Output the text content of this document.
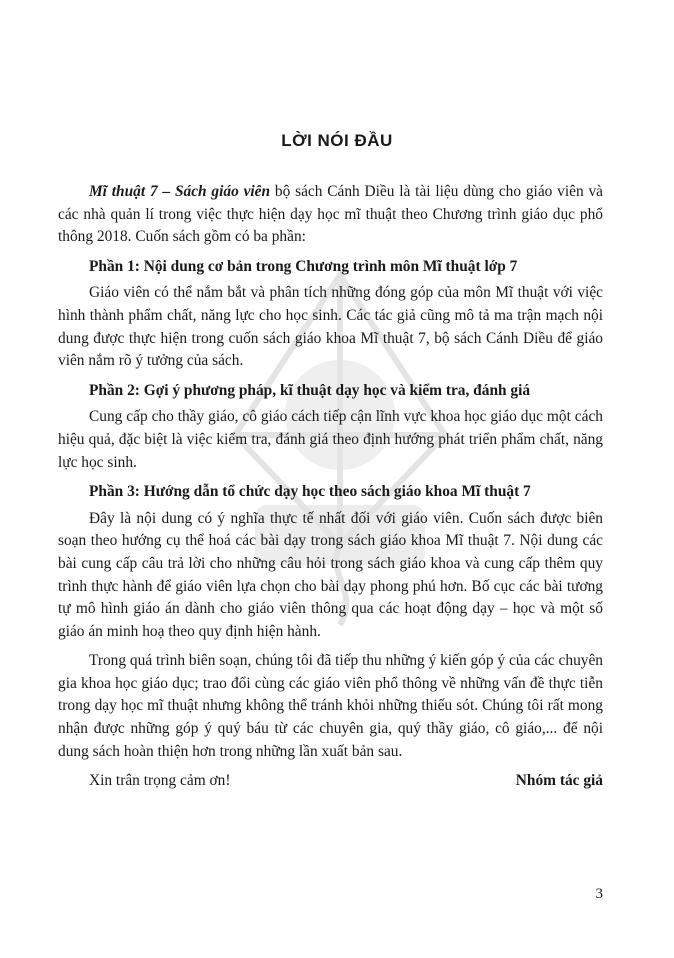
LỜI NÓI ĐẦU

Mĩ thuật 7 – Sách giáo viên bộ sách Cánh Diều là tài liệu dùng cho giáo viên và các nhà quản lí trong việc thực hiện dạy học mĩ thuật theo Chương trình giáo dục phổ thông 2018. Cuốn sách gồm có ba phần:

Phần 1: Nội dung cơ bản trong Chương trình môn Mĩ thuật lớp 7

Giáo viên có thể nắm bắt và phân tích những đóng góp của môn Mĩ thuật với việc hình thành phẩm chất, năng lực cho học sinh. Các tác giả cũng mô tả ma trận mạch nội dung được thực hiện trong cuốn sách giáo khoa Mĩ thuật 7, bộ sách Cánh Diều để giáo viên nắm rõ ý tưởng của sách.

Phần 2: Gợi ý phương pháp, kĩ thuật dạy học và kiểm tra, đánh giá

Cung cấp cho thầy giáo, cô giáo cách tiếp cận lĩnh vực khoa học giáo dục một cách hiệu quả, đặc biệt là việc kiểm tra, đánh giá theo định hướng phát triển phẩm chất, năng lực học sinh.

Phần 3: Hướng dẫn tổ chức dạy học theo sách giáo khoa Mĩ thuật 7

Đây là nội dung có ý nghĩa thực tế nhất đối với giáo viên. Cuốn sách được biên soạn theo hướng cụ thể hoá các bài dạy trong sách giáo khoa Mĩ thuật 7. Nội dung các bài cung cấp câu trả lời cho những câu hỏi trong sách giáo khoa và cung cấp thêm quy trình thực hành để giáo viên lựa chọn cho bài dạy phong phú hơn. Bố cục các bài tương tự mô hình giáo án dành cho giáo viên thông qua các hoạt động dạy – học và một số giáo án minh hoạ theo quy định hiện hành.

Trong quá trình biên soạn, chúng tôi đã tiếp thu những ý kiến góp ý của các chuyên gia khoa học giáo dục; trao đổi cùng các giáo viên phổ thông về những vấn đề thực tiễn trong dạy học mĩ thuật nhưng không thể tránh khỏi những thiếu sót. Chúng tôi rất mong nhận được những góp ý quý báu từ các chuyên gia, quý thầy giáo, cô giáo,... để nội dung sách hoàn thiện hơn trong những lần xuất bản sau.

Xin trân trọng cảm ơn!	Nhóm tác giả

3
